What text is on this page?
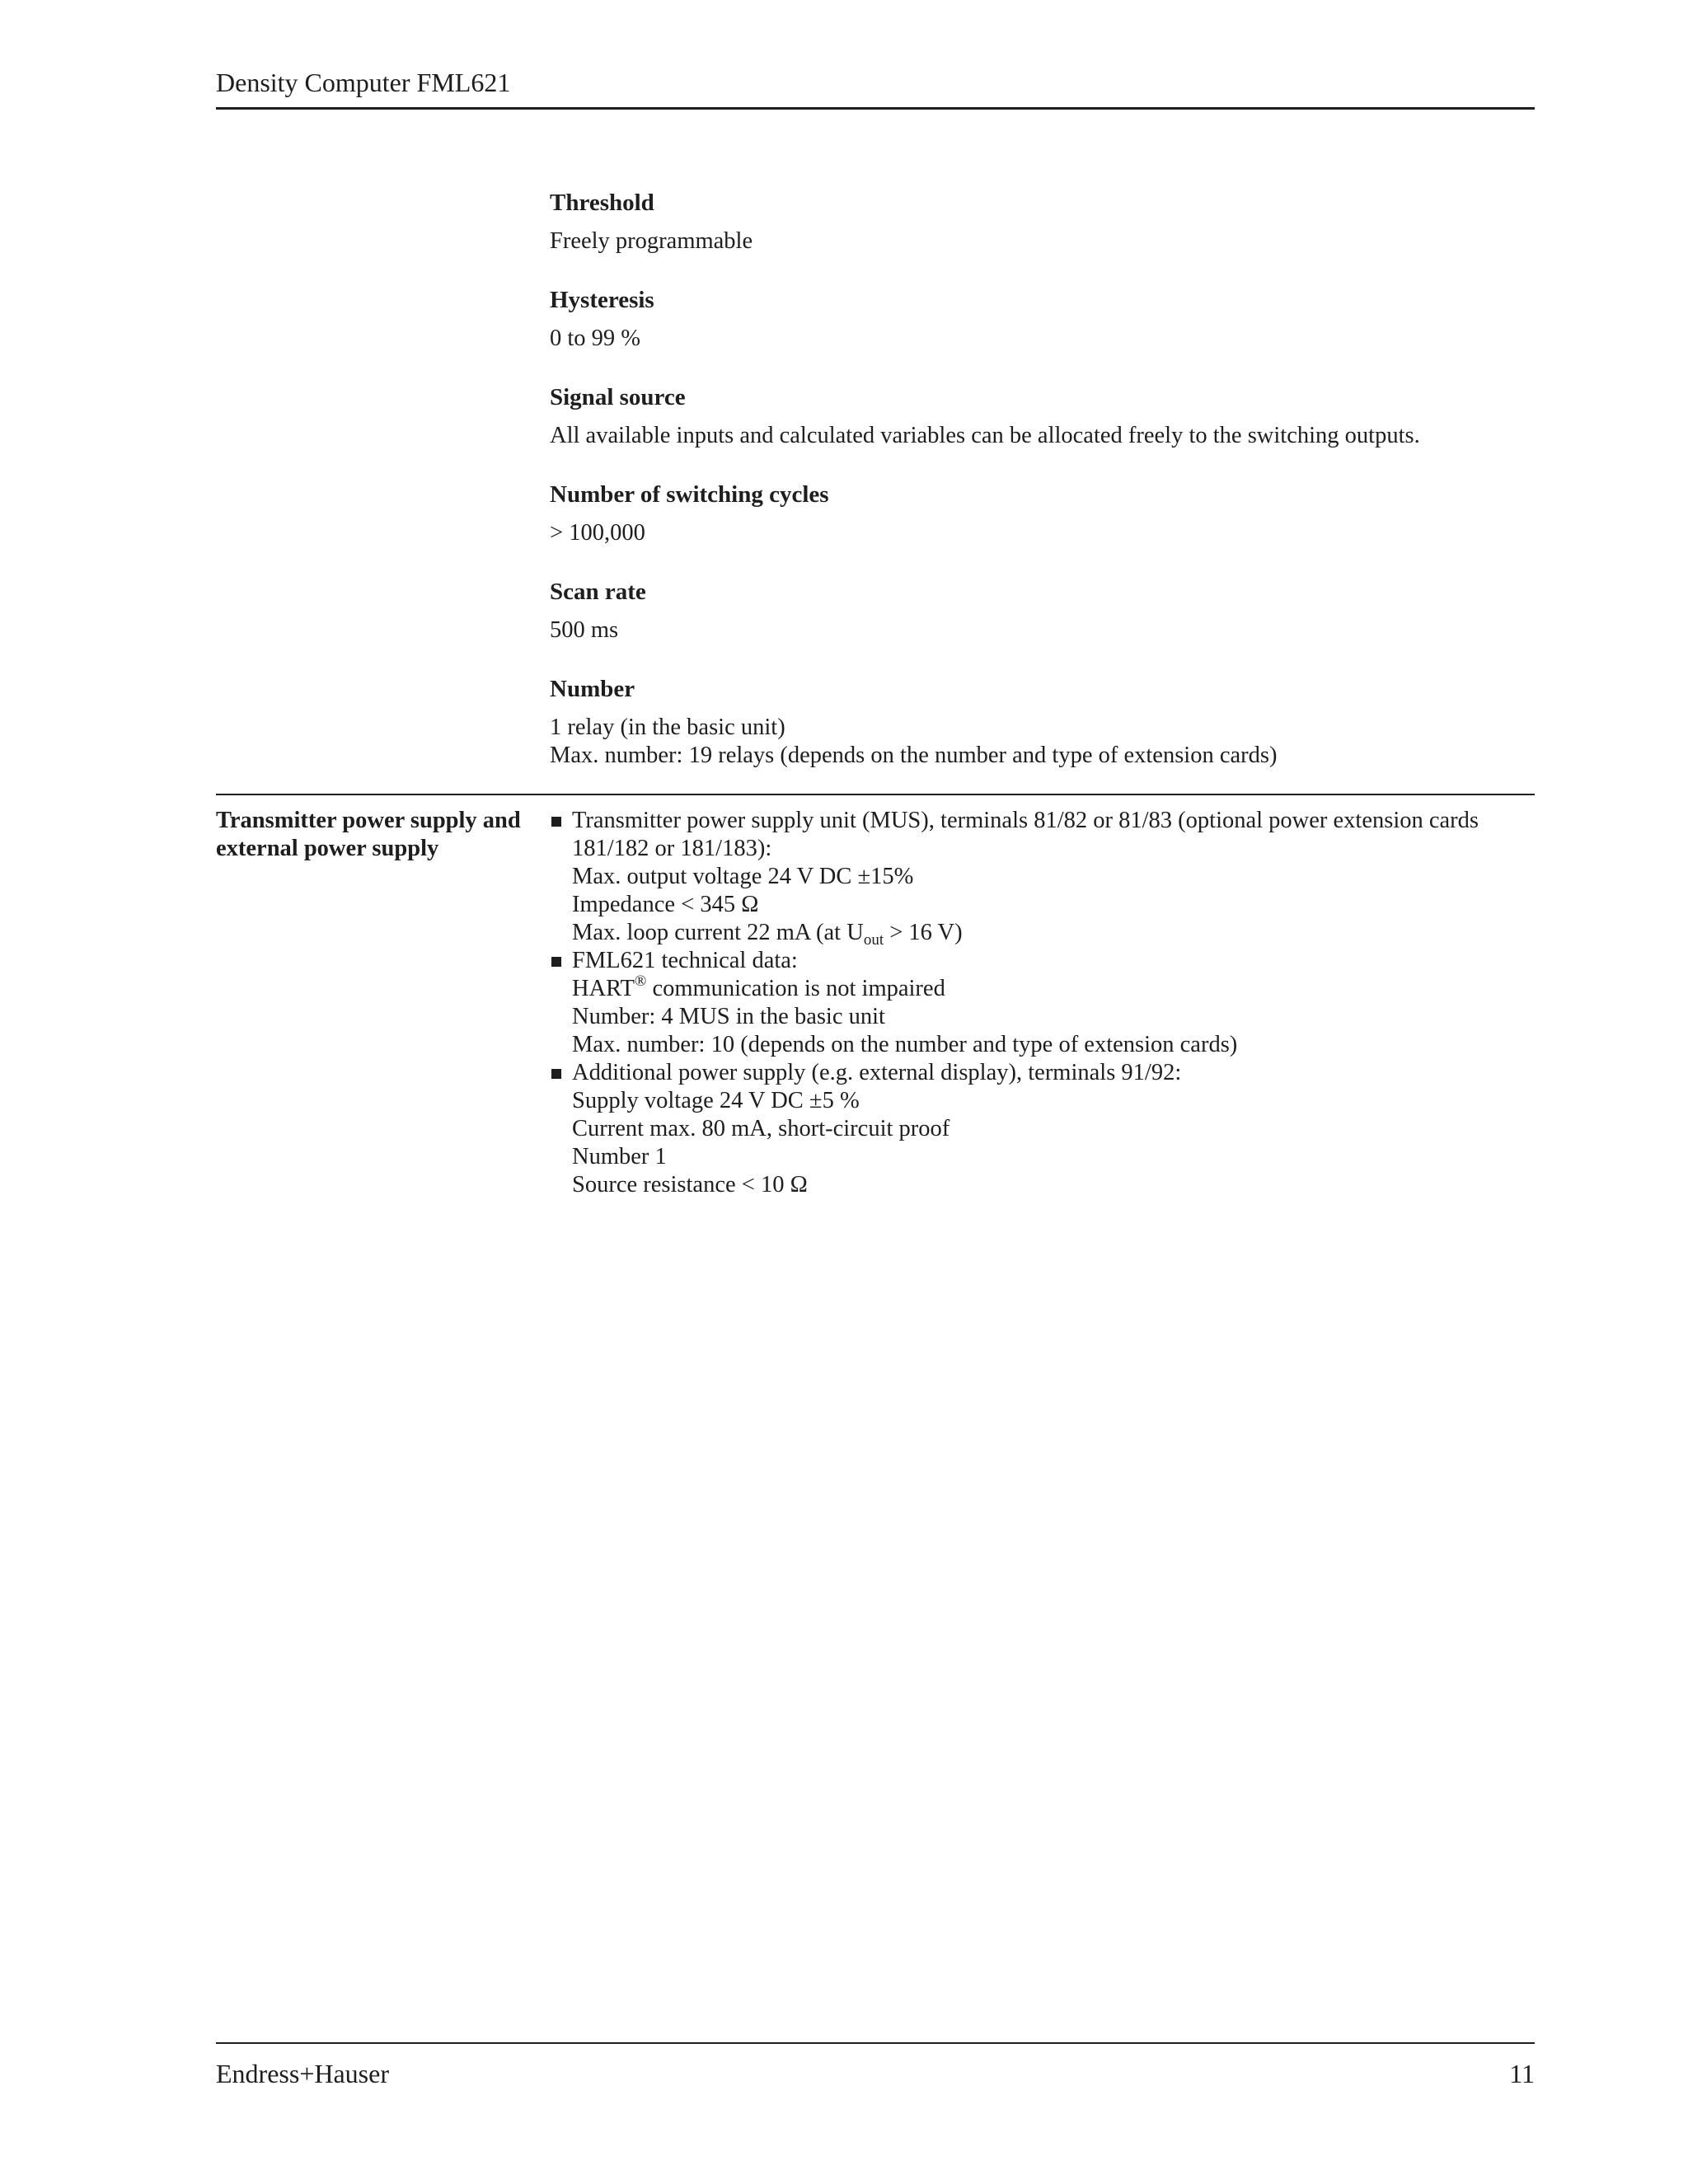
Density Computer FML621
Threshold
Freely programmable
Hysteresis
0 to 99 %
Signal source
All available inputs and calculated variables can be allocated freely to the switching outputs.
Number of switching cycles
> 100,000
Scan rate
500 ms
Number
1 relay (in the basic unit)
Max. number: 19 relays (depends on the number and type of extension cards)
Transmitter power supply and
external power supply
Transmitter power supply unit (MUS), terminals 81/82 or 81/83 (optional power extension cards
181/182 or 181/183):
Max. output voltage 24 V DC ±15%
Impedance < 345 Ω
Max. loop current 22 mA (at $U_{out} > 16$ V)
FML621 technical data:
HART® communication is not impaired
Number: 4 MUS in the basic unit
Max. number: 10 (depends on the number and type of extension cards)
Additional power supply (e.g. external display), terminals 91/92:
Supply voltage 24 V DC ±5 %
Current max. 80 mA, short-circuit proof
Number 1
Source resistance < 10 Ω
Endress+Hauser	11
